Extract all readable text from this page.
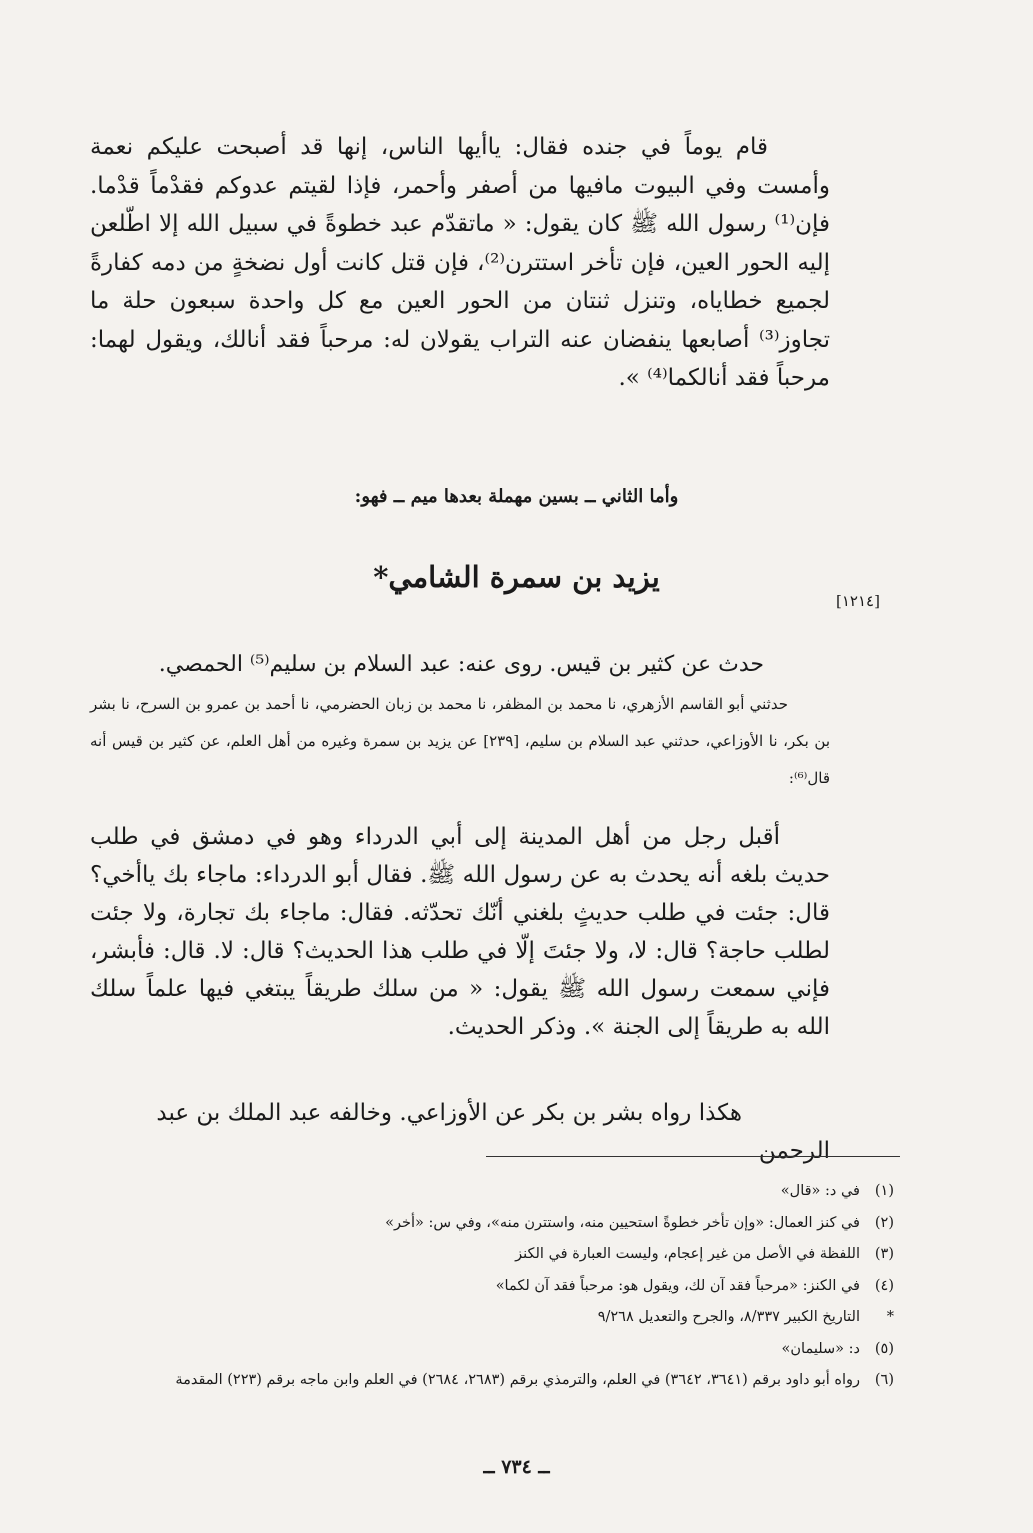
قام يوماً في جنده فقال: ياأيها الناس، إنها قد أصبحت عليكم نعمة وأمست وفي البيوت مافيها من أصفر وأحمر، فإذا لقيتم عدوكم فقدْماً قدْما. فإن⁽¹⁾ رسول الله ﷺ كان يقول: « ماتقدّم عبد خطوةً في سبيل الله إلا اطّلعن إليه الحور العين، فإن تأخر استترن⁽²⁾، فإن قتل كانت أول نضخةٍ من دمه كفارةً لجميع خطاياه، وتنزل ثنتان من الحور العين مع كل واحدة سبعون حلة ما تجاوز⁽³⁾ أصابعها ينفضان عنه التراب يقولان له: مرحباً فقد أنالك، ويقول لهما: مرحباً فقد أنالكما⁽⁴⁾ ».
وأما الثاني ــ بسين مهملة بعدها ميم ــ فهو:
يزيد بن سمرة الشامي*
[١٢١٤]
حدث عن كثير بن قيس. روى عنه: عبد السلام بن سليم⁽⁵⁾ الحمصي.
حدثني أبو القاسم الأزهري، نا محمد بن المظفر، نا محمد بن زبان الحضرمي، نا أحمد بن عمرو بن السرح، نا بشر بن بكر، نا الأوزاعي، حدثني عبد السلام بن سليم، [٢٣٩] عن يزيد بن سمرة وغيره من أهل العلم، عن كثير بن قيس أنه قال⁽⁶⁾:
أقبل رجل من أهل المدينة إلى أبي الدرداء وهو في دمشق في طلب حديث بلغه أنه يحدث به عن رسول الله ﷺ. فقال أبو الدرداء: ماجاء بك ياأخي؟ قال: جئت في طلب حديثٍ بلغني أنّك تحدّثه. فقال: ماجاء بك تجارة، ولا جئت لطلب حاجة؟ قال: لا، ولا جئتَ إلّا في طلب هذا الحديث؟ قال: لا. قال: فأبشر، فإني سمعت رسول الله ﷺ يقول: « من سلك طريقاً يبتغي فيها علماً سلك الله به طريقاً إلى الجنة ». وذكر الحديث.
هكذا رواه بشر بن بكر عن الأوزاعي. وخالفه عبد الملك بن عبد الرحمن
(١)
في د: «قال»
(٢)
في كنز العمال: «وإن تأخر خطوةً استحيين منه، واستترن منه»، وفي س: «أخر»
(٣)
اللفظة في الأصل من غير إعجام، وليست العبارة في الكنز
(٤)
في الكنز: «مرحباً فقد آن لك، ويقول هو: مرحباً فقد آن لكما»
*
التاريخ الكبير ٨/٣٣٧، والجرح والتعديل ٩/٢٦٨
(٥)
د: «سليمان»
(٦)
رواه أبو داود برقم (٣٦٤١، ٣٦٤٢) في العلم، والترمذي برقم (٢٦٨٣، ٢٦٨٤) في العلم وابن ماجه برقم (٢٢٣) المقدمة
ــ ٧٣٤ ــ
